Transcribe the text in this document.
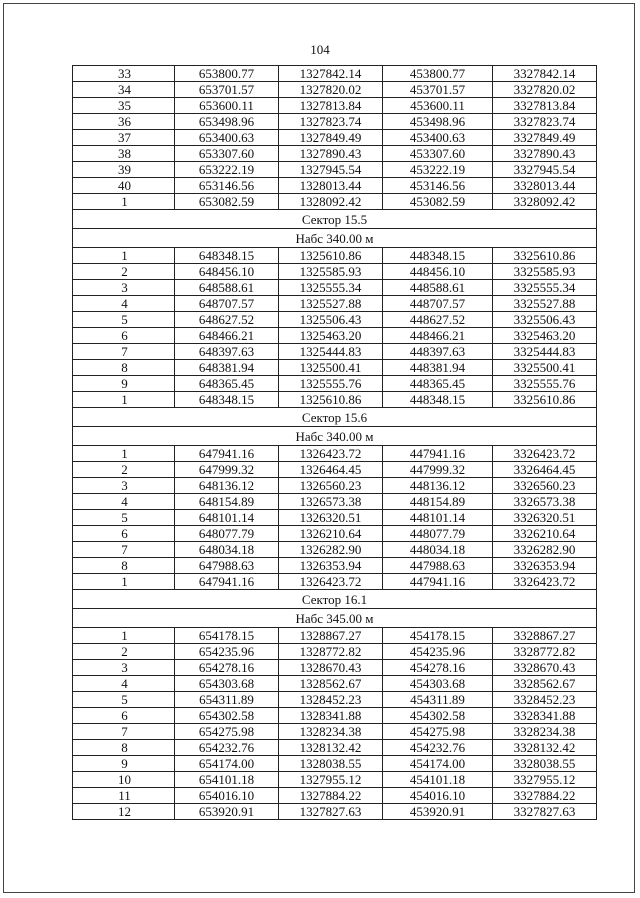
104
33	653800.77	1327842.14	453800.77	3327842.14
34	653701.57	1327820.02	453701.57	3327820.02
35	653600.11	1327813.84	453600.11	3327813.84
36	653498.96	1327823.74	453498.96	3327823.74
37	653400.63	1327849.49	453400.63	3327849.49
38	653307.60	1327890.43	453307.60	3327890.43
39	653222.19	1327945.54	453222.19	3327945.54
40	653146.56	1328013.44	453146.56	3328013.44
1	653082.59	1328092.42	453082.59	3328092.42
Сектор 15.5				
Набс 340.00 м				
1	648348.15	1325610.86	448348.15	3325610.86
2	648456.10	1325585.93	448456.10	3325585.93
3	648588.61	1325555.34	448588.61	3325555.34
4	648707.57	1325527.88	448707.57	3325527.88
5	648627.52	1325506.43	448627.52	3325506.43
6	648466.21	1325463.20	448466.21	3325463.20
7	648397.63	1325444.83	448397.63	3325444.83
8	648381.94	1325500.41	448381.94	3325500.41
9	648365.45	1325555.76	448365.45	3325555.76
1	648348.15	1325610.86	448348.15	3325610.86
Сектор 15.6				
Набс 340.00 м				
1	647941.16	1326423.72	447941.16	3326423.72
2	647999.32	1326464.45	447999.32	3326464.45
3	648136.12	1326560.23	448136.12	3326560.23
4	648154.89	1326573.38	448154.89	3326573.38
5	648101.14	1326320.51	448101.14	3326320.51
6	648077.79	1326210.64	448077.79	3326210.64
7	648034.18	1326282.90	448034.18	3326282.90
8	647988.63	1326353.94	447988.63	3326353.94
1	647941.16	1326423.72	447941.16	3326423.72
Сектор 16.1				
Набс 345.00 м				
1	654178.15	1328867.27	454178.15	3328867.27
2	654235.96	1328772.82	454235.96	3328772.82
3	654278.16	1328670.43	454278.16	3328670.43
4	654303.68	1328562.67	454303.68	3328562.67
5	654311.89	1328452.23	454311.89	3328452.23
6	654302.58	1328341.88	454302.58	3328341.88
7	654275.98	1328234.38	454275.98	3328234.38
8	654232.76	1328132.42	454232.76	3328132.42
9	654174.00	1328038.55	454174.00	3328038.55
10	654101.18	1327955.12	454101.18	3327955.12
11	654016.10	1327884.22	454016.10	3327884.22
12	653920.91	1327827.63	453920.91	3327827.63
